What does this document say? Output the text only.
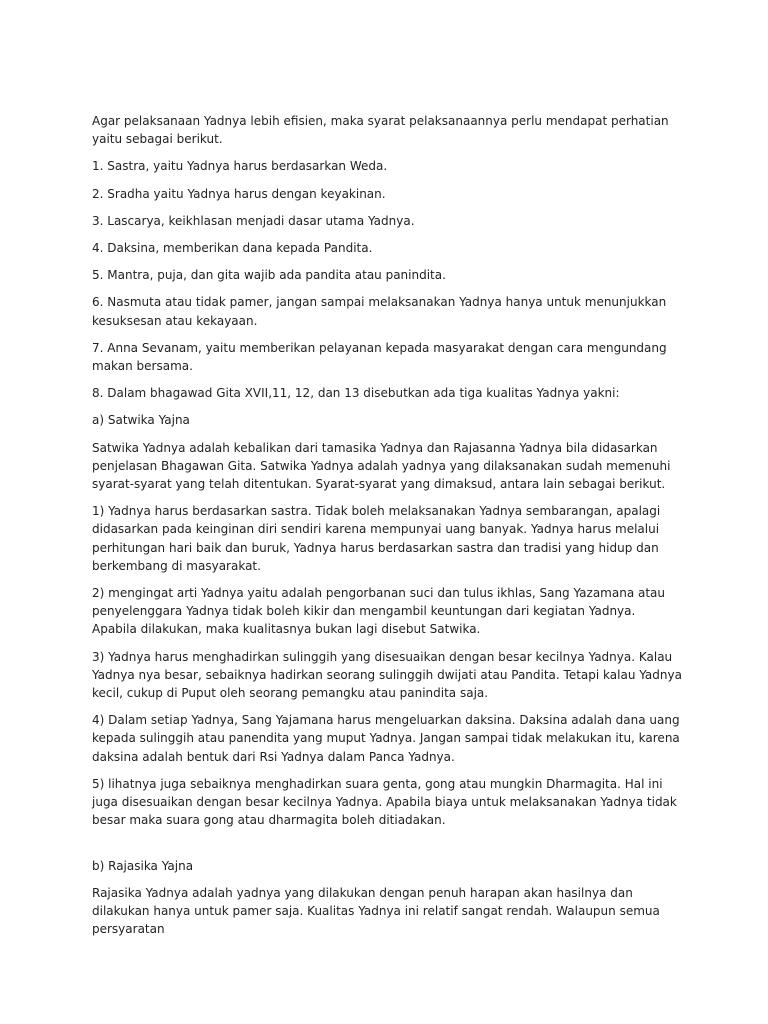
Agar pelaksanaan Yadnya lebih efisien, maka syarat pelaksanaannya perlu mendapat perhatian yaitu sebagai berikut.

1. Sastra, yaitu Yadnya harus berdasarkan Weda.

2. Sradha yaitu Yadnya harus dengan keyakinan.

3. Lascarya, keikhlasan menjadi dasar utama Yadnya.

4. Daksina, memberikan dana kepada Pandita.

5. Mantra, puja, dan gita wajib ada pandita atau panindita.

6. Nasmuta atau tidak pamer, jangan sampai melaksanakan Yadnya hanya untuk menunjukkan kesuksesan atau kekayaan.

7. Anna Sevanam, yaitu memberikan pelayanan kepada masyarakat dengan cara mengundang makan bersama.

8. Dalam bhagawad Gita XVII,11, 12, dan 13 disebutkan ada tiga kualitas Yadnya yakni:

a) Satwika Yajna

Satwika Yadnya adalah kebalikan dari tamasika Yadnya dan Rajasanna Yadnya bila didasarkan penjelasan Bhagawan Gita. Satwika Yadnya adalah yadnya yang dilaksanakan sudah memenuhi syarat-syarat yang telah ditentukan. Syarat-syarat yang dimaksud, antara lain sebagai berikut.

1) Yadnya harus berdasarkan sastra. Tidak boleh melaksanakan Yadnya sembarangan, apalagi didasarkan pada keinginan diri sendiri karena mempunyai uang banyak. Yadnya harus melalui perhitungan hari baik dan buruk, Yadnya harus berdasarkan sastra dan tradisi yang hidup dan berkembang di masyarakat.

2) mengingat arti Yadnya yaitu adalah pengorbanan suci dan tulus ikhlas, Sang Yazamana atau penyelenggara Yadnya tidak boleh kikir dan mengambil keuntungan dari kegiatan Yadnya. Apabila dilakukan, maka kualitasnya bukan lagi disebut Satwika.

3) Yadnya harus menghadirkan sulinggih yang disesuaikan dengan besar kecilnya Yadnya. Kalau Yadnya nya besar, sebaiknya hadirkan seorang sulinggih dwijati atau Pandita. Tetapi kalau Yadnya kecil, cukup di Puput oleh seorang pemangku atau panindita saja.

4) Dalam setiap Yadnya, Sang Yajamana harus mengeluarkan daksina. Daksina adalah dana uang kepada sulinggih atau panendita yang muput Yadnya. Jangan sampai tidak melakukan itu, karena daksina adalah bentuk dari Rsi Yadnya dalam Panca Yadnya.

5) lihatnya juga sebaiknya menghadirkan suara genta, gong atau mungkin Dharmagita. Hal ini juga disesuaikan dengan besar kecilnya Yadnya. Apabila biaya untuk melaksanakan Yadnya tidak besar maka suara gong atau dharmagita boleh ditiadakan.

b) Rajasika Yajna

Rajasika Yadnya adalah yadnya yang dilakukan dengan penuh harapan akan hasilnya dan dilakukan hanya untuk pamer saja. Kualitas Yadnya ini relatif sangat rendah. Walaupun semua persyaratan
